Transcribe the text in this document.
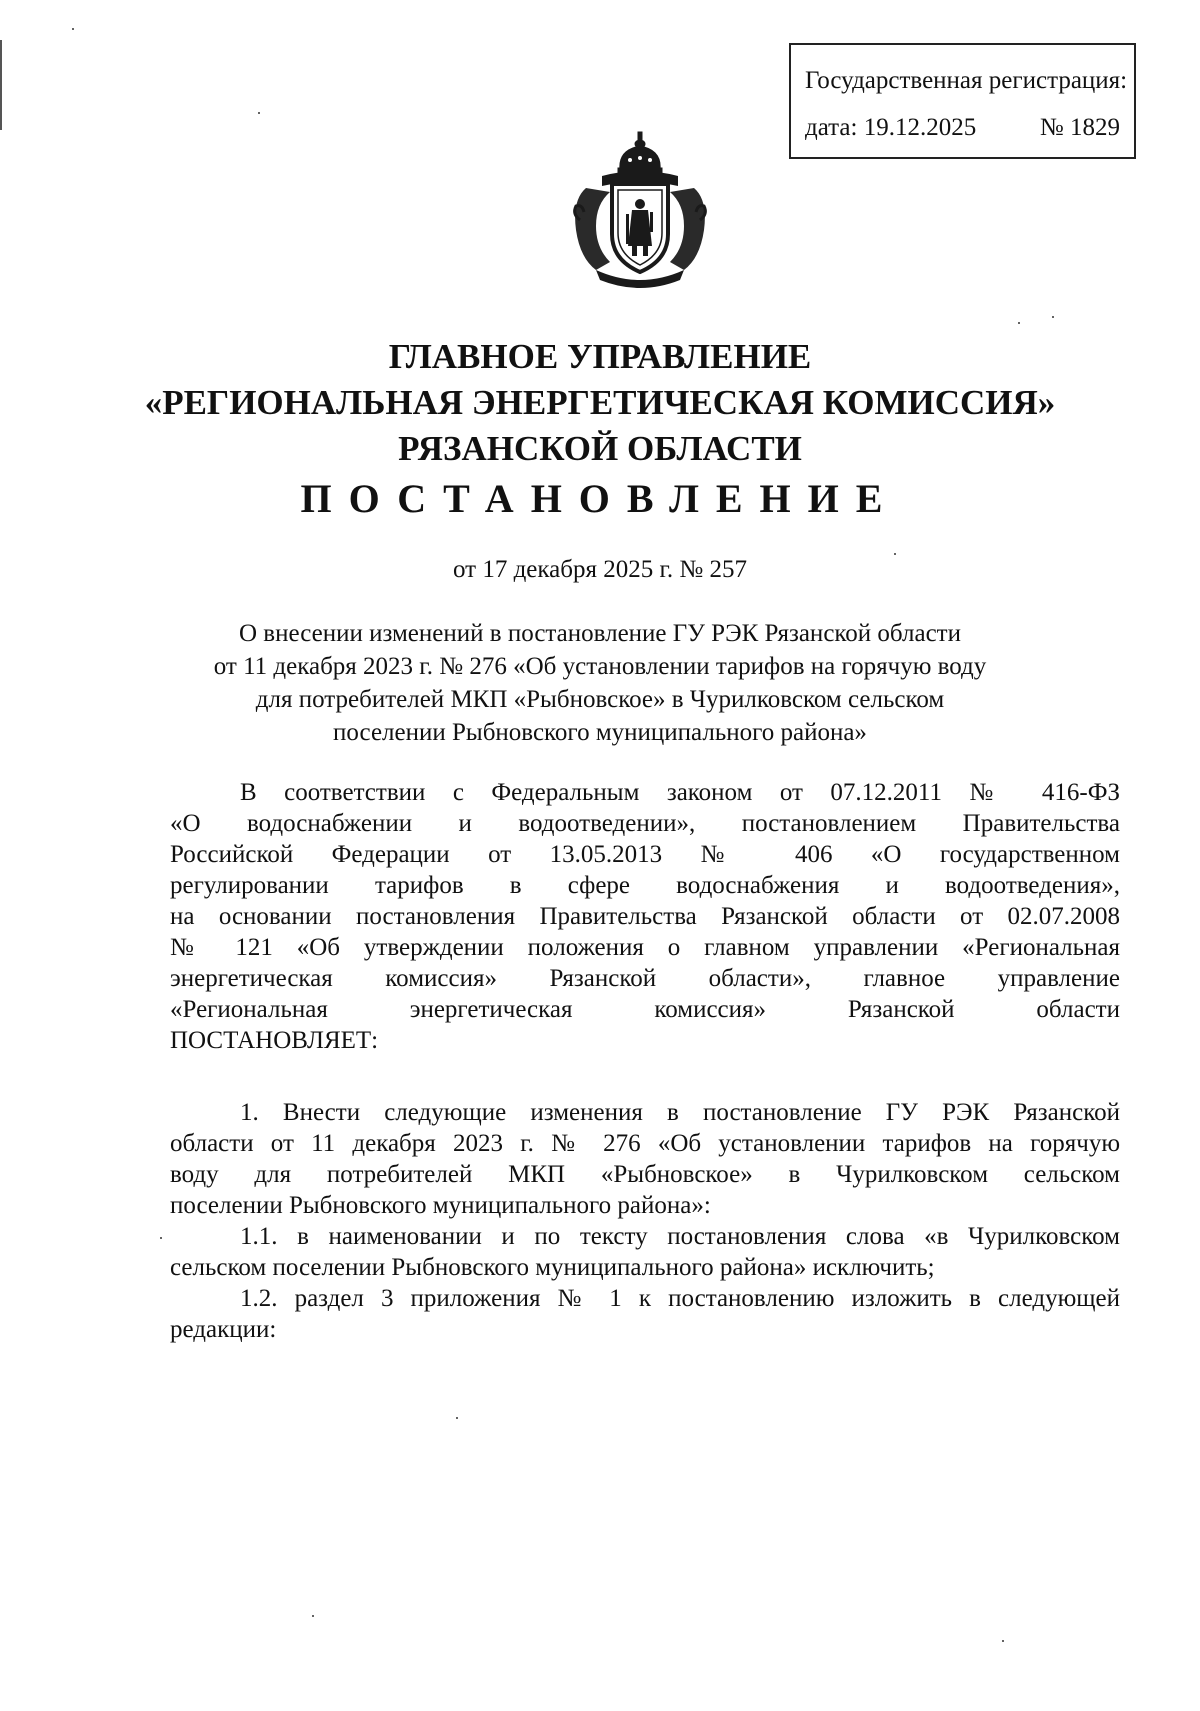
Государственная регистрация:
дата: 19.12.2025	№ 1829
ГЛАВНОЕ УПРАВЛЕНИЕ
«РЕГИОНАЛЬНАЯ ЭНЕРГЕТИЧЕСКАЯ КОМИССИЯ»
РЯЗАНСКОЙ ОБЛАСТИ
ПОСТАНОВЛЕНИЕ
от 17 декабря 2025 г. № 257
О внесении изменений в постановление ГУ РЭК Рязанской области
от 11 декабря 2023 г. № 276 «Об установлении тарифов на горячую воду
для потребителей МКП «Рыбновское» в Чурилковском сельском
поселении Рыбновского муниципального района»
В соответствии с Федеральным законом от 07.12.2011 № 416-ФЗ
«О водоснабжении и водоотведении», постановлением Правительства
Российской Федерации от 13.05.2013 № 406 «О государственном
регулировании тарифов в сфере водоснабжения и водоотведения»,
на основании постановления Правительства Рязанской области от 02.07.2008
№ 121 «Об утверждении положения о главном управлении «Региональная
энергетическая комиссия» Рязанской области», главное управление
«Региональная энергетическая комиссия» Рязанской области
ПОСТАНОВЛЯЕТ:
1. Внести следующие изменения в постановление ГУ РЭК Рязанской
области от 11 декабря 2023 г. № 276 «Об установлении тарифов на горячую
воду для потребителей МКП «Рыбновское» в Чурилковском сельском
поселении Рыбновского муниципального района»:
1.1. в наименовании и по тексту постановления слова «в Чурилковском
сельском поселении Рыбновского муниципального района» исключить;
1.2. раздел 3 приложения № 1 к постановлению изложить в следующей
редакции:
